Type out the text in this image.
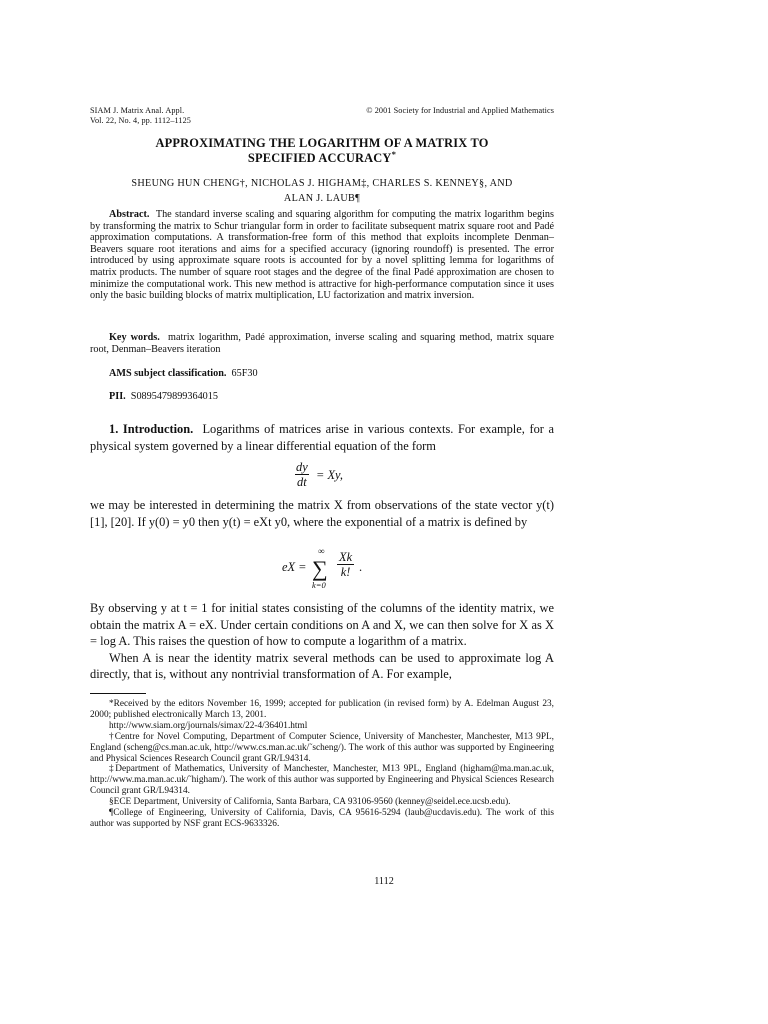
SIAM J. Matrix Anal. Appl.
Vol. 22, No. 4, pp. 1112–1125
© 2001 Society for Industrial and Applied Mathematics
APPROXIMATING THE LOGARITHM OF A MATRIX TO
SPECIFIED ACCURACY*
SHEUNG HUN CHENG†, NICHOLAS J. HIGHAM‡, CHARLES S. KENNEY§, AND
ALAN J. LAUB¶
Abstract. The standard inverse scaling and squaring algorithm for computing the matrix logarithm begins by transforming the matrix to Schur triangular form in order to facilitate subsequent matrix square root and Padé approximation computations. A transformation-free form of this method that exploits incomplete Denman–Beavers square root iterations and aims for a specified accuracy (ignoring roundoff) is presented. The error introduced by using approximate square roots is accounted for by a novel splitting lemma for logarithms of matrix products. The number of square root stages and the degree of the final Padé approximation are chosen to minimize the computational work. This new method is attractive for high-performance computation since it uses only the basic building blocks of matrix multiplication, LU factorization and matrix inversion.
Key words. matrix logarithm, Padé approximation, inverse scaling and squaring method, matrix square root, Denman–Beavers iteration
AMS subject classification. 65F30
PII. S0895479899364015
1. Introduction. Logarithms of matrices arise in various contexts. For example, for a physical system governed by a linear differential equation of the form
$\frac{dy}{dt} = Xy$,
we may be interested in determining the matrix X from observations of the state vector y(t) [1], [20]. If y(0) = y0 then y(t) = eXt y0, where the exponential of a matrix is defined by
eX =
∞
∑
k=0
$\frac{Xk}{k!}$ .

By observing y at t = 1 for initial states consisting of the columns of the identity matrix, we obtain the matrix A = eX. Under certain conditions on A and X, we can then solve for X as X = log A. This raises the question of how to compute a logarithm of a matrix.

When A is near the identity matrix several methods can be used to approximate log A directly, that is, without any nontrivial transformation of A. For example,

*Received by the editors November 16, 1999; accepted for publication (in revised form) by A. Edelman August 23, 2000; published electronically March 13, 2001.

http://www.siam.org/journals/simax/22-4/36401.html

†Centre for Novel Computing, Department of Computer Science, University of Manchester, Manchester, M13 9PL, England (scheng@cs.man.ac.uk, http://www.cs.man.ac.uk/˜scheng/). The work of this author was supported by Engineering and Physical Sciences Research Council grant GR/L94314.

‡Department of Mathematics, University of Manchester, Manchester, M13 9PL, England (higham@ma.man.ac.uk, http://www.ma.man.ac.uk/˜higham/). The work of this author was supported by Engineering and Physical Sciences Research Council grant GR/L94314.

§ECE Department, University of California, Santa Barbara, CA 93106-9560 (kenney@seidel.ece.ucsb.edu).

¶College of Engineering, University of California, Davis, CA 95616-5294 (laub@ucdavis.edu). The work of this author was supported by NSF grant ECS-9633326.

1112
